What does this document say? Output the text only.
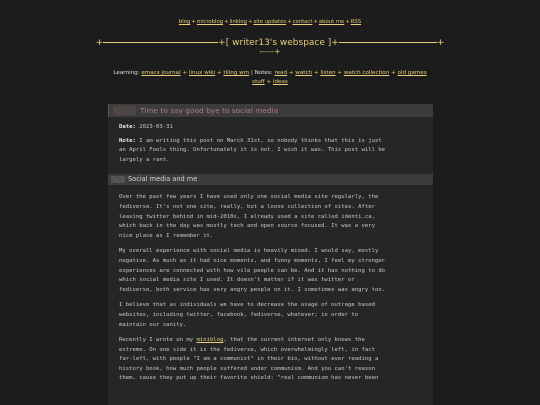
blog+microblog+linklog+site updates+contact+about me+RSS
+	+[ writer13's webspace ]+	+
-----+
Learning: emacs journal + linux wiki + tiling wm | Notes: read + watch + listen + watch collection + old games stuff + ideas
Time to say good bye to social media

Date: 2023-03-31

Note: I am writing this post on March 31st, so nobody thinks that this is just
an April Fools thing. Unfortunately it is not. I wish it was. This post will be
largely a rant.

Social media and me

Over the past few years I have used only one social media site regularly, the
fediverse. It's not one site, really, but a loose collection of sites. After
leaving twitter behind in mid-2010s, I already used a site called identi.ca,
which back in the day was mostly tech and open source focused. It was a very
nice place as I remember it.

My overall experience with social media is heavily mixed. I would say, mostly
negative. As much as it had nice moments, and funny moments, I feel my stronger
experiences are connected with how vile people can be. And it has nothing to do
which social media site I used. It doesn't matter if it was twitter or
fediverse, both service has very angry people on it. I sometimes was angry too.

I believe that as individuals we have to decrease the usage of outrage based
websites, including twitter, facebook, fediverse, whatever; in order to
maintain our sanity.

Recently I wrote on my miniblog, that the current internet only knows the
extreme. On one side it is the fediverse, which overwhelmingly left, in fact
far-left, with people "I am a communist" in their bio, without ever reading a
history book, how much people suffered under communism. And you can't reason
them, cause they put up their favorite shield: "real communism has never been
